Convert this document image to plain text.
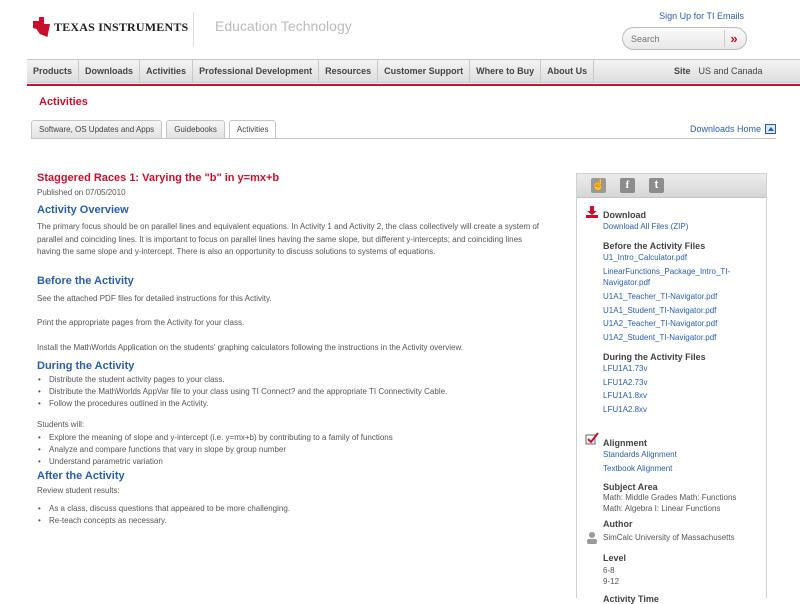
TEXAS INSTRUMENTS Education Technology
Sign Up for TI Emails
Search
»
Products	Downloads	Activities	Professional Development	Resources	Customer Support	Where to Buy	About Us	Site US and Canada
Activities
Software, OS Updates and Apps	Guidebooks	Activities	Downloads Home
Staggered Races 1: Varying the "b" in y=mx+b
Published on 07/05/2010
Activity Overview
The primary focus should be on parallel lines and equivalent equations. In Activity 1 and Activity 2, the class collectively will create a system of parallel and coinciding lines. It is important to focus on parallel lines having the same slope, but different y-intercepts; and coinciding lines having the same slope and y-intercept. There is also an opportunity to discuss solutions to systems of equations.
Before the Activity
See the attached PDF files for detailed instructions for this Activity.
Print the appropriate pages from the Activity for your class.
Install the MathWorlds Application on the students' graphing calculators following the instructions in the Activity overview.
During the Activity
• Distribute the student activity pages to your class.
• Distribute the MathWorlds AppVar file to your class using TI Connect? and the appropriate TI Connectivity Cable.
• Follow the procedures outlined in the Activity.
Students will:
• Explore the meaning of slope and y-intercept (i.e. y=mx+b) by contributing to a family of functions
• Analyze and compare functions that vary in slope by group number
• Understand parametric variation
After the Activity
Review student results:
• As a class, discuss questions that appeared to be more challenging.
• Re-teach concepts as necessary.
☝	f	t
Download
Download All Files (ZIP)
Before the Activity Files
U1_Intro_Calculator.pdf
LinearFunctions_Package_Intro_TI-Navigator.pdf
U1A1_Teacher_TI-Navigator.pdf
U1A1_Student_TI-Navigator.pdf
U1A2_Teacher_TI-Navigator.pdf
U1A2_Student_TI-Navigator.pdf
During the Activity Files
LFU1A1.73v
LFU1A2.73v
LFU1A1.8xv
LFU1A2.8xv
Alignment
Standards Alignment
Textbook Alignment
Subject Area
Math: Middle Grades Math: Functions
Math: Algebra I: Linear Functions
Author
SimCalc University of Massachusetts
Level
6-8
9-12
Activity Time
